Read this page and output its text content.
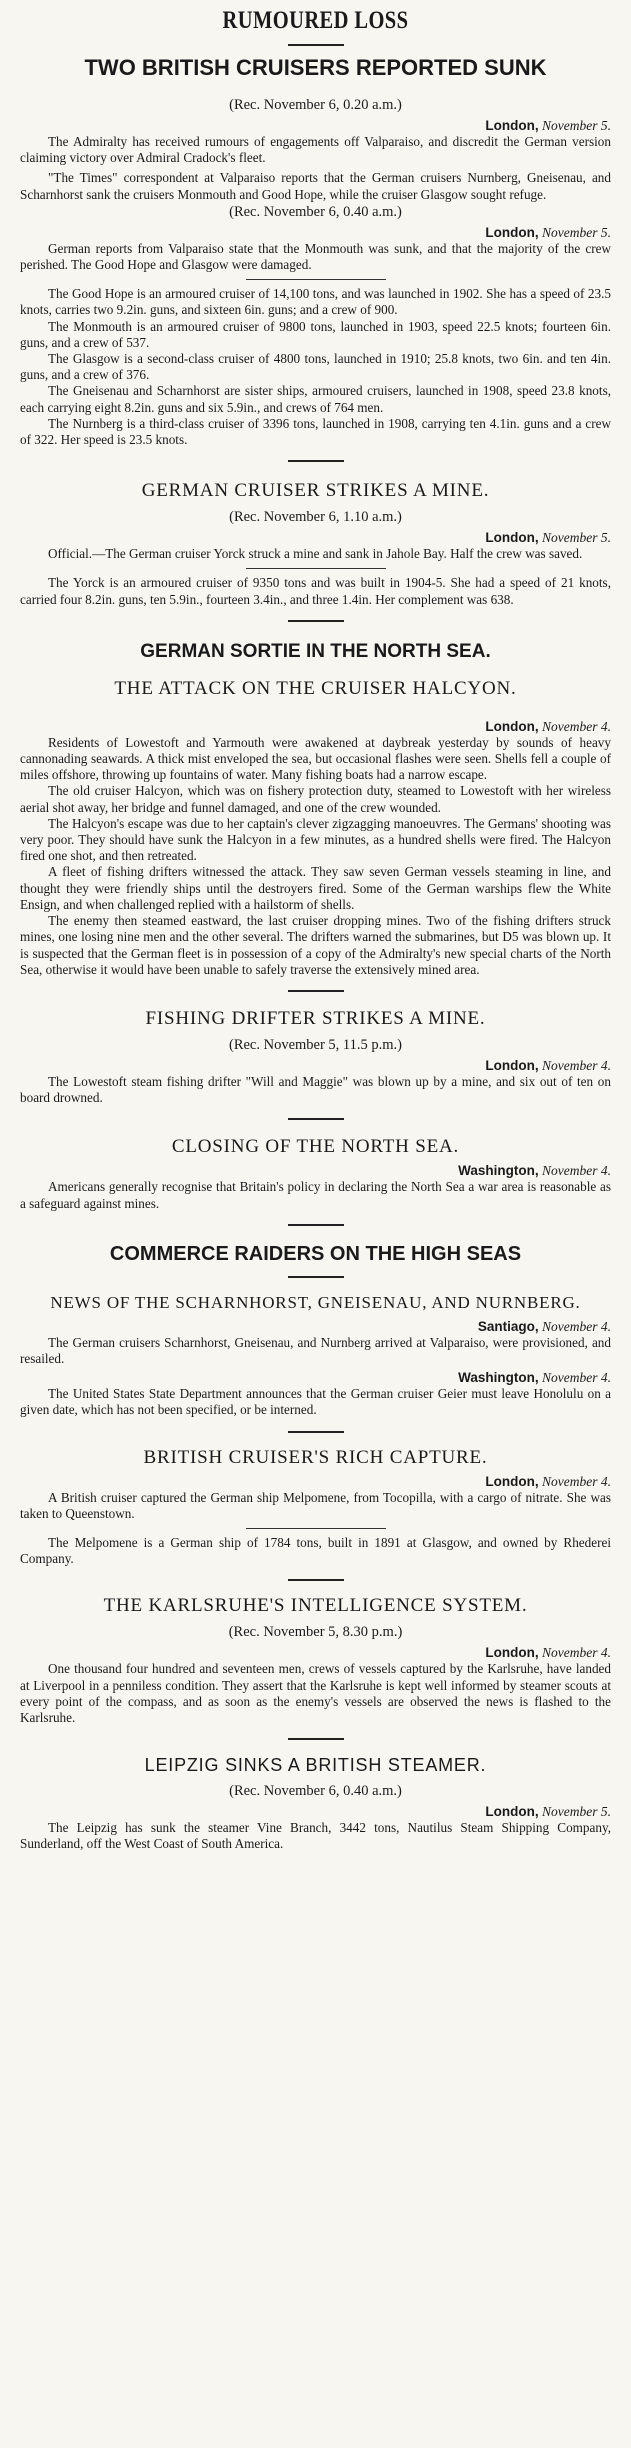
RUMOURED LOSS
TWO BRITISH CRUISERS REPORTED SUNK
(Rec. November 6, 0.20 a.m.)
London, November 5.

The Admiralty has received rumours of engagements off Valparaiso, and discredit the German version claiming victory over Admiral Cradock's fleet.

"The Times" correspondent at Valparaiso reports that the German cruisers Nurnberg, Gneisenau, and Scharnhorst sank the cruisers Monmouth and Good Hope, while the cruiser Glasgow sought refuge.

(Rec. November 6, 0.40 a.m.)
London, November 5.

German reports from Valparaiso state that the Monmouth was sunk, and that the majority of the crew perished. The Good Hope and Glasgow were damaged.

The Good Hope is an armoured cruiser of 14,100 tons, and was launched in 1902. She has a speed of 23.5 knots, carries two 9.2in. guns, and sixteen 6in. guns; and a crew of 900.

The Monmouth is an armoured cruiser of 9800 tons, launched in 1903, speed 22.5 knots; fourteen 6in. guns, and a crew of 537.

The Glasgow is a second-class cruiser of 4800 tons, launched in 1910; 25.8 knots, two 6in. and ten 4in. guns, and a crew of 376.

The Gneisenau and Scharnhorst are sister ships, armoured cruisers, launched in 1908, speed 23.8 knots, each carrying eight 8.2in. guns and six 5.9in., and crews of 764 men.

The Nurnberg is a third-class cruiser of 3396 tons, launched in 1908, carrying ten 4.1in. guns and a crew of 322. Her speed is 23.5 knots.

GERMAN CRUISER STRIKES A MINE.
(Rec. November 6, 1.10 a.m.)
London, November 5.

Official.—The German cruiser Yorck struck a mine and sank in Jahole Bay. Half the crew was saved.

The Yorck is an armoured cruiser of 9350 tons and was built in 1904-5. She had a speed of 21 knots, carried four 8.2in. guns, ten 5.9in., fourteen 3.4in., and three 1.4in. Her complement was 638.

GERMAN SORTIE IN THE NORTH SEA.
THE ATTACK ON THE CRUISER HALCYON.
London, November 4.

Residents of Lowestoft and Yarmouth were awakened at daybreak yesterday by sounds of heavy cannonading seawards. A thick mist enveloped the sea, but occasional flashes were seen. Shells fell a couple of miles offshore, throwing up fountains of water. Many fishing boats had a narrow escape.

The old cruiser Halcyon, which was on fishery protection duty, steamed to Lowestoft with her wireless aerial shot away, her bridge and funnel damaged, and one of the crew wounded.

The Halcyon's escape was due to her captain's clever zigzagging manoeuvres. The Germans' shooting was very poor. They should have sunk the Halcyon in a few minutes, as a hundred shells were fired. The Halcyon fired one shot, and then retreated.

A fleet of fishing drifters witnessed the attack. They saw seven German vessels steaming in line, and thought they were friendly ships until the destroyers fired. Some of the German warships flew the White Ensign, and when challenged replied with a hailstorm of shells.

The enemy then steamed eastward, the last cruiser dropping mines. Two of the fishing drifters struck mines, one losing nine men and the other several. The drifters warned the submarines, but D5 was blown up. It is suspected that the German fleet is in possession of a copy of the Admiralty's new special charts of the North Sea, otherwise it would have been unable to safely traverse the extensively mined area.

FISHING DRIFTER STRIKES A MINE.
(Rec. November 5, 11.5 p.m.)
London, November 4.

The Lowestoft steam fishing drifter "Will and Maggie" was blown up by a mine, and six out of ten on board drowned.

CLOSING OF THE NORTH SEA.
Washington, November 4.

Americans generally recognise that Britain's policy in declaring the North Sea a war area is reasonable as a safeguard against mines.

COMMERCE RAIDERS ON THE HIGH SEAS
NEWS OF THE SCHARNHORST, GNEISENAU, AND NURNBERG.
Santiago, November 4.

The German cruisers Scharnhorst, Gneisenau, and Nurnberg arrived at Valparaiso, were provisioned, and resailed.

Washington, November 4.

The United States State Department announces that the German cruiser Geier must leave Honolulu on a given date, which has not been specified, or be interned.

BRITISH CRUISER'S RICH CAPTURE.
London, November 4.

A British cruiser captured the German ship Melpomene, from Tocopilla, with a cargo of nitrate. She was taken to Queenstown.

The Melpomene is a German ship of 1784 tons, built in 1891 at Glasgow, and owned by Rhederei Company.

THE KARLSRUHE'S INTELLIGENCE SYSTEM.
(Rec. November 5, 8.30 p.m.)
London, November 4.

One thousand four hundred and seventeen men, crews of vessels captured by the Karlsruhe, have landed at Liverpool in a penniless condition. They assert that the Karlsruhe is kept well informed by steamer scouts at every point of the compass, and as soon as the enemy's vessels are observed the news is flashed to the Karlsruhe.

LEIPZIG SINKS A BRITISH STEAMER.
(Rec. November 6, 0.40 a.m.)
London, November 5.

The Leipzig has sunk the steamer Vine Branch, 3442 tons, Nautilus Steam Shipping Company, Sunderland, off the West Coast of South America.
